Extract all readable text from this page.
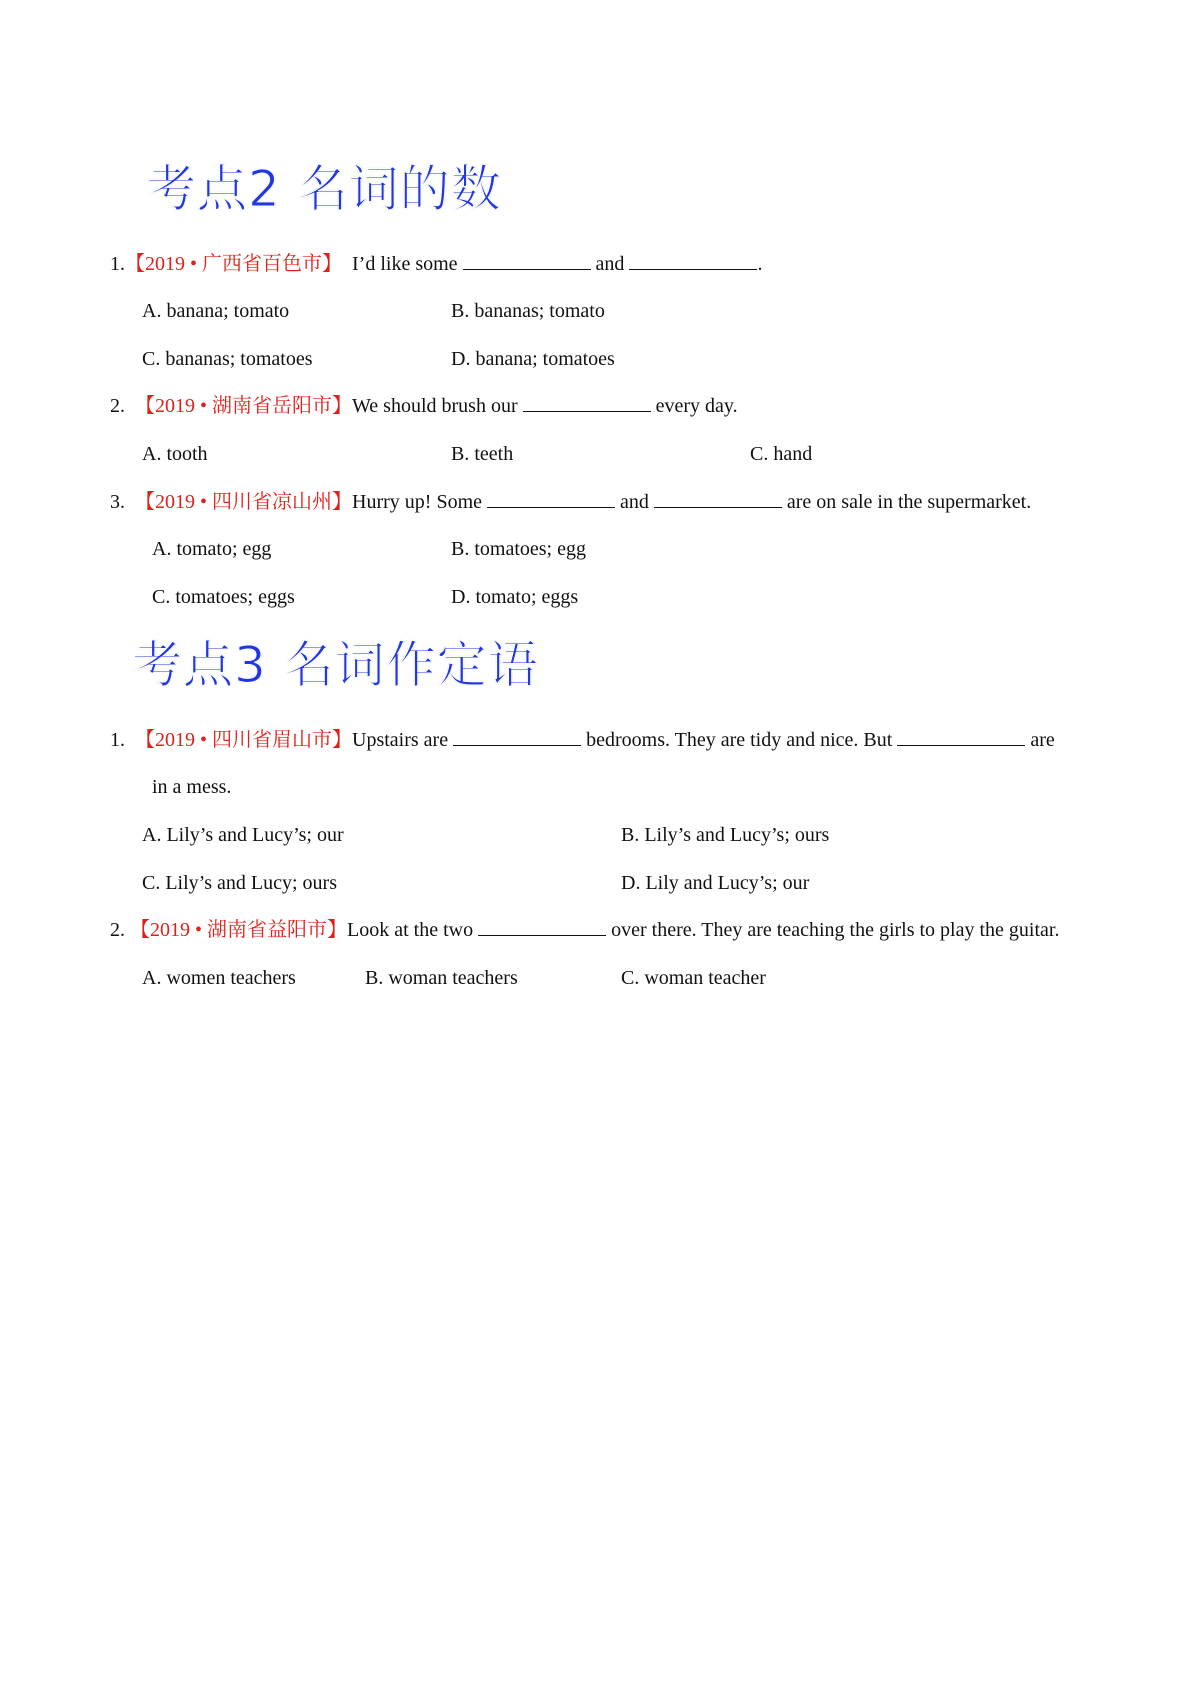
考点2 名词的数
1.【2019 • 广西省百色市】 I’d like some	and	.
A. banana; tomato	B. bananas; tomato
C. bananas; tomatoes	D. banana; tomatoes
2. 【2019 • 湖南省岳阳市】We should brush our	every day.
A. tooth	B. teeth	C. hand
3. 【2019 • 四川省凉山州】Hurry up! Some	and	are on sale in the supermarket.
A. tomato; egg	B. tomatoes; egg
C. tomatoes; eggs	D. tomato; eggs
考点3 名词作定语
1. 【2019 • 四川省眉山市】Upstairs are	bedrooms. They are tidy and nice. But	are
in a mess.
A. Lily’s and Lucy’s; our	B. Lily’s and Lucy’s; ours
C. Lily’s and Lucy; ours	D. Lily and Lucy’s; our
2. 【2019 • 湖南省益阳市】Look at the two	over there. They are teaching the girls to play the guitar.
A. women teachers	B. woman teachers	C. woman teacher
